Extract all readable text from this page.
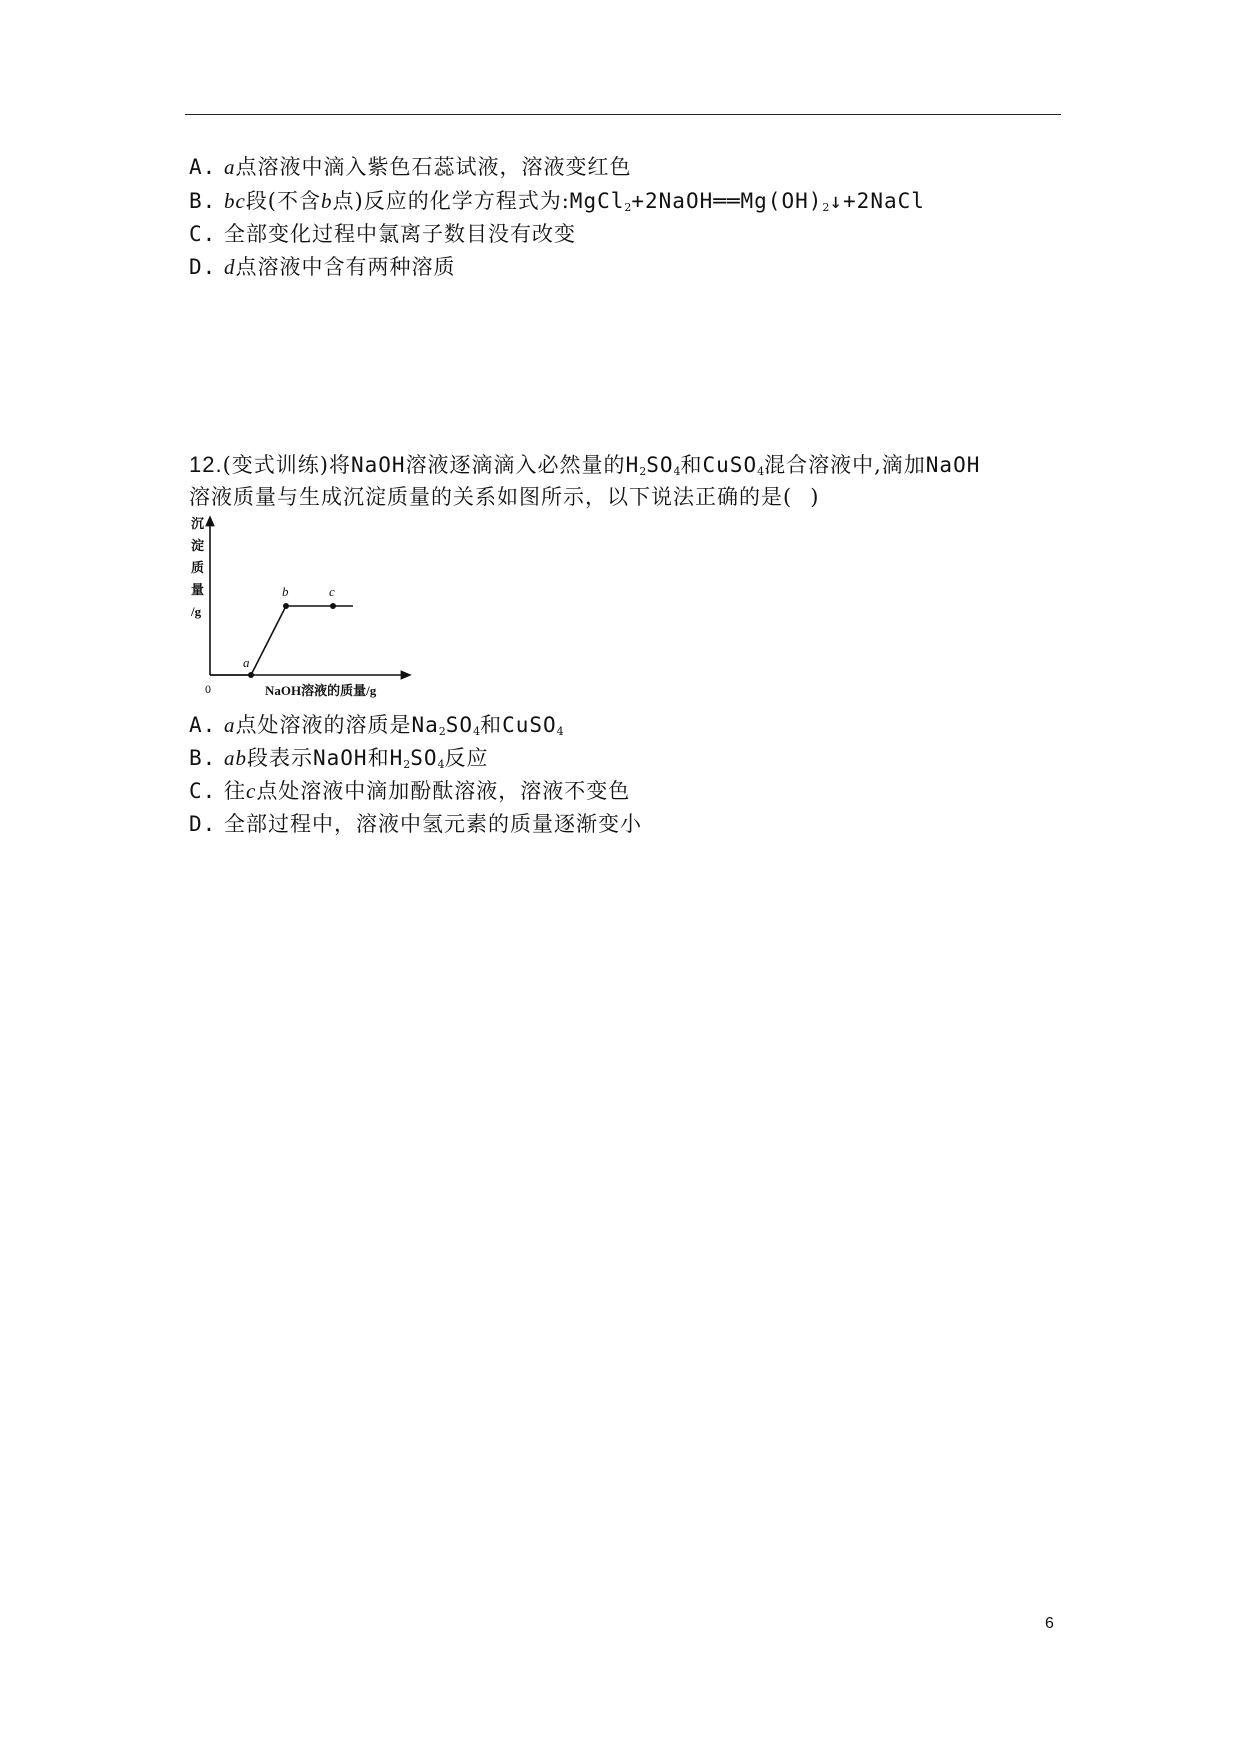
A. a点溶液中滴入紫色石蕊试液，溶液变红色
B. bc段(不含b点)反应的化学方程式为$:MgCl_2+2NaOH══Mg(OH)_2↓+2NaCl$
C. 全部变化过程中氯离子数目没有改变
D. d点溶液中含有两种溶质
12.(变式训练)将NaOH溶液逐滴滴入必然量的$H_2SO_4$和CuSO$_4$混合溶液中,滴加NaOH
溶液质量与生成沉淀质量的关系如图所示，以下说法正确的是( )
沉
淀
质
量
/g
0	NaOH溶液的质量/g
a
b	c
A. a点处溶液的溶质是$Na_2SO_4$和CuSO$_4$
B. ab段表示NaOH和$H_2SO_4$反应
C. 往c点处溶液中滴加酚酞溶液，溶液不变色
D. 全部过程中，溶液中氢元素的质量逐渐变小
6
